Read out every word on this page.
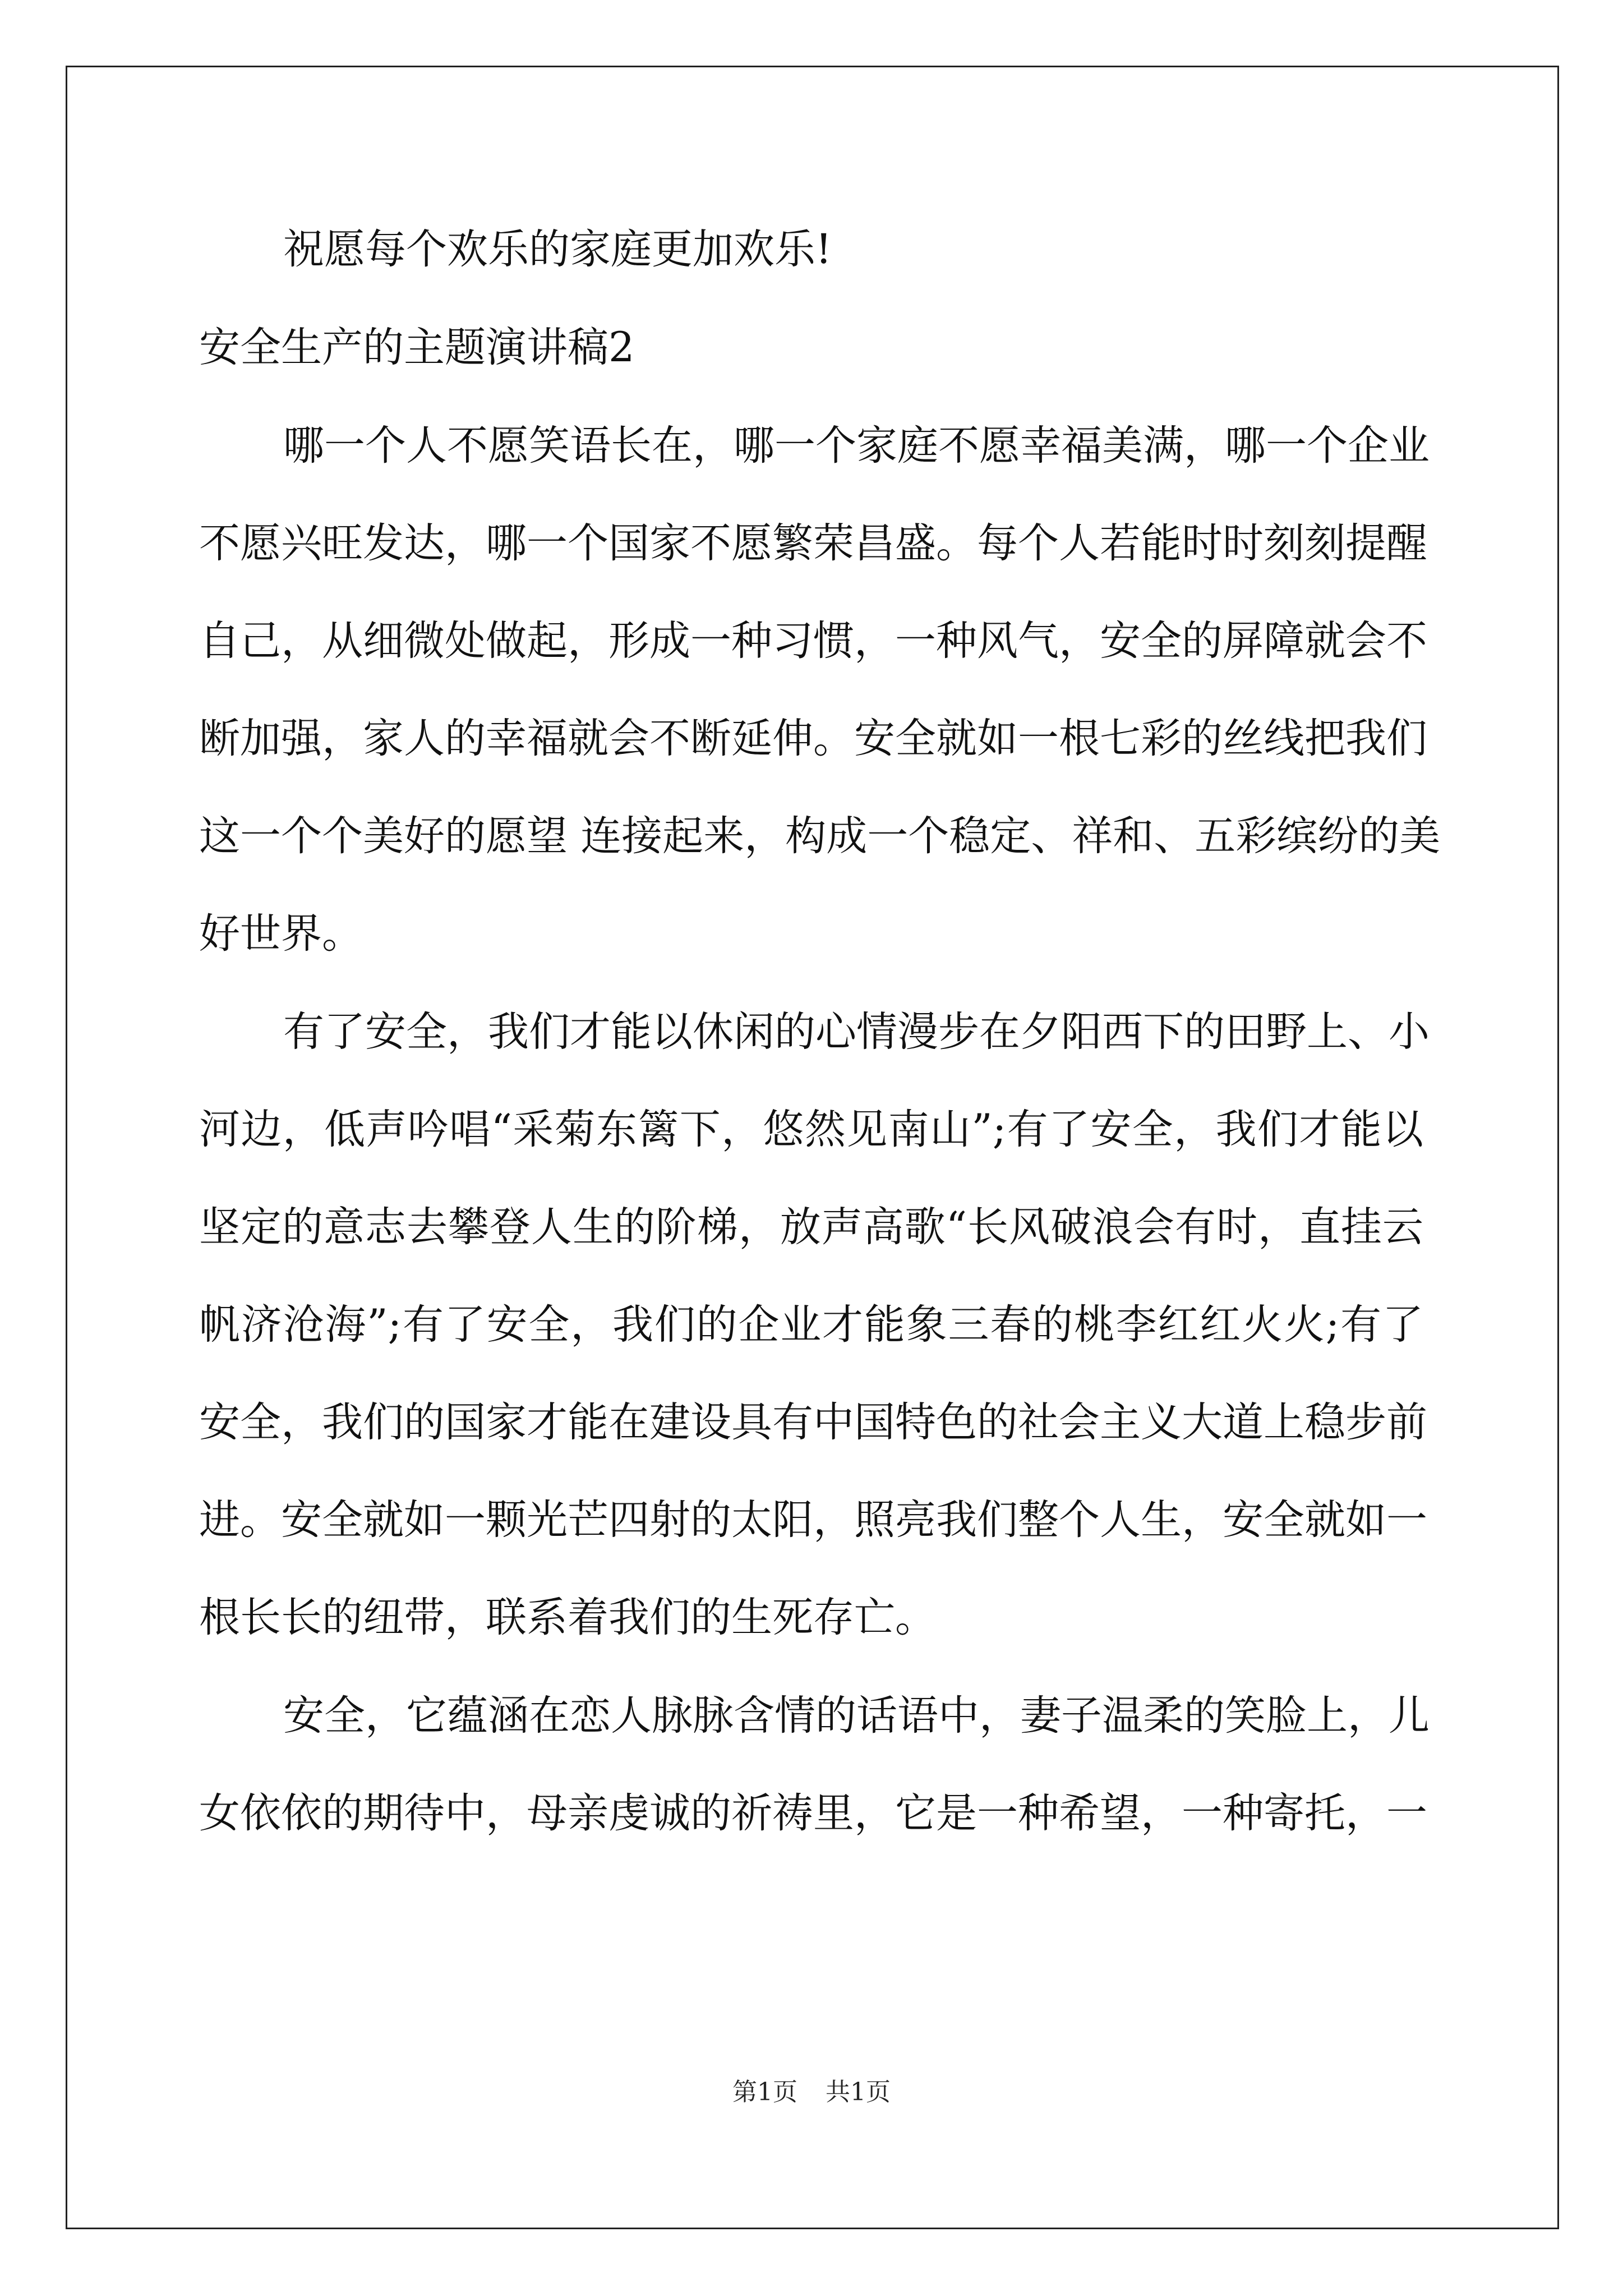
祝愿每个欢乐的家庭更加欢乐!
安全生产的主题演讲稿2
哪一个人不愿笑语长在，哪一个家庭不愿幸福美满，哪一个企业
不愿兴旺发达，哪一个国家不愿繁荣昌盛。每个人若能时时刻刻提醒
自己，从细微处做起，形成一种习惯，一种风气，安全的屏障就会不
断加强，家人的幸福就会不断延伸。安全就如一根七彩的丝线把我们
这一个个美好的愿望 连接起来，构成一个稳定、祥和、五彩缤纷的美
好世界。
有了安全，我们才能以休闲的心情漫步在夕阳西下的田野上、小
河边，低声吟唱“采菊东篱下，悠然见南山”;有了安全，我们才能以
坚定的意志去攀登人生的阶梯，放声高歌“长风破浪会有时，直挂云
帆济沧海”;有了安全，我们的企业才能象三春的桃李红红火火;有了
安全，我们的国家才能在建设具有中国特色的社会主义大道上稳步前
进。安全就如一颗光芒四射的太阳，照亮我们整个人生，安全就如一
根长长的纽带，联系着我们的生死存亡。
安全，它蕴涵在恋人脉脉含情的话语中，妻子温柔的笑脸上，儿
女依依的期待中，母亲虔诚的祈祷里，它是一种希望，一种寄托，一
第1页 共1页
